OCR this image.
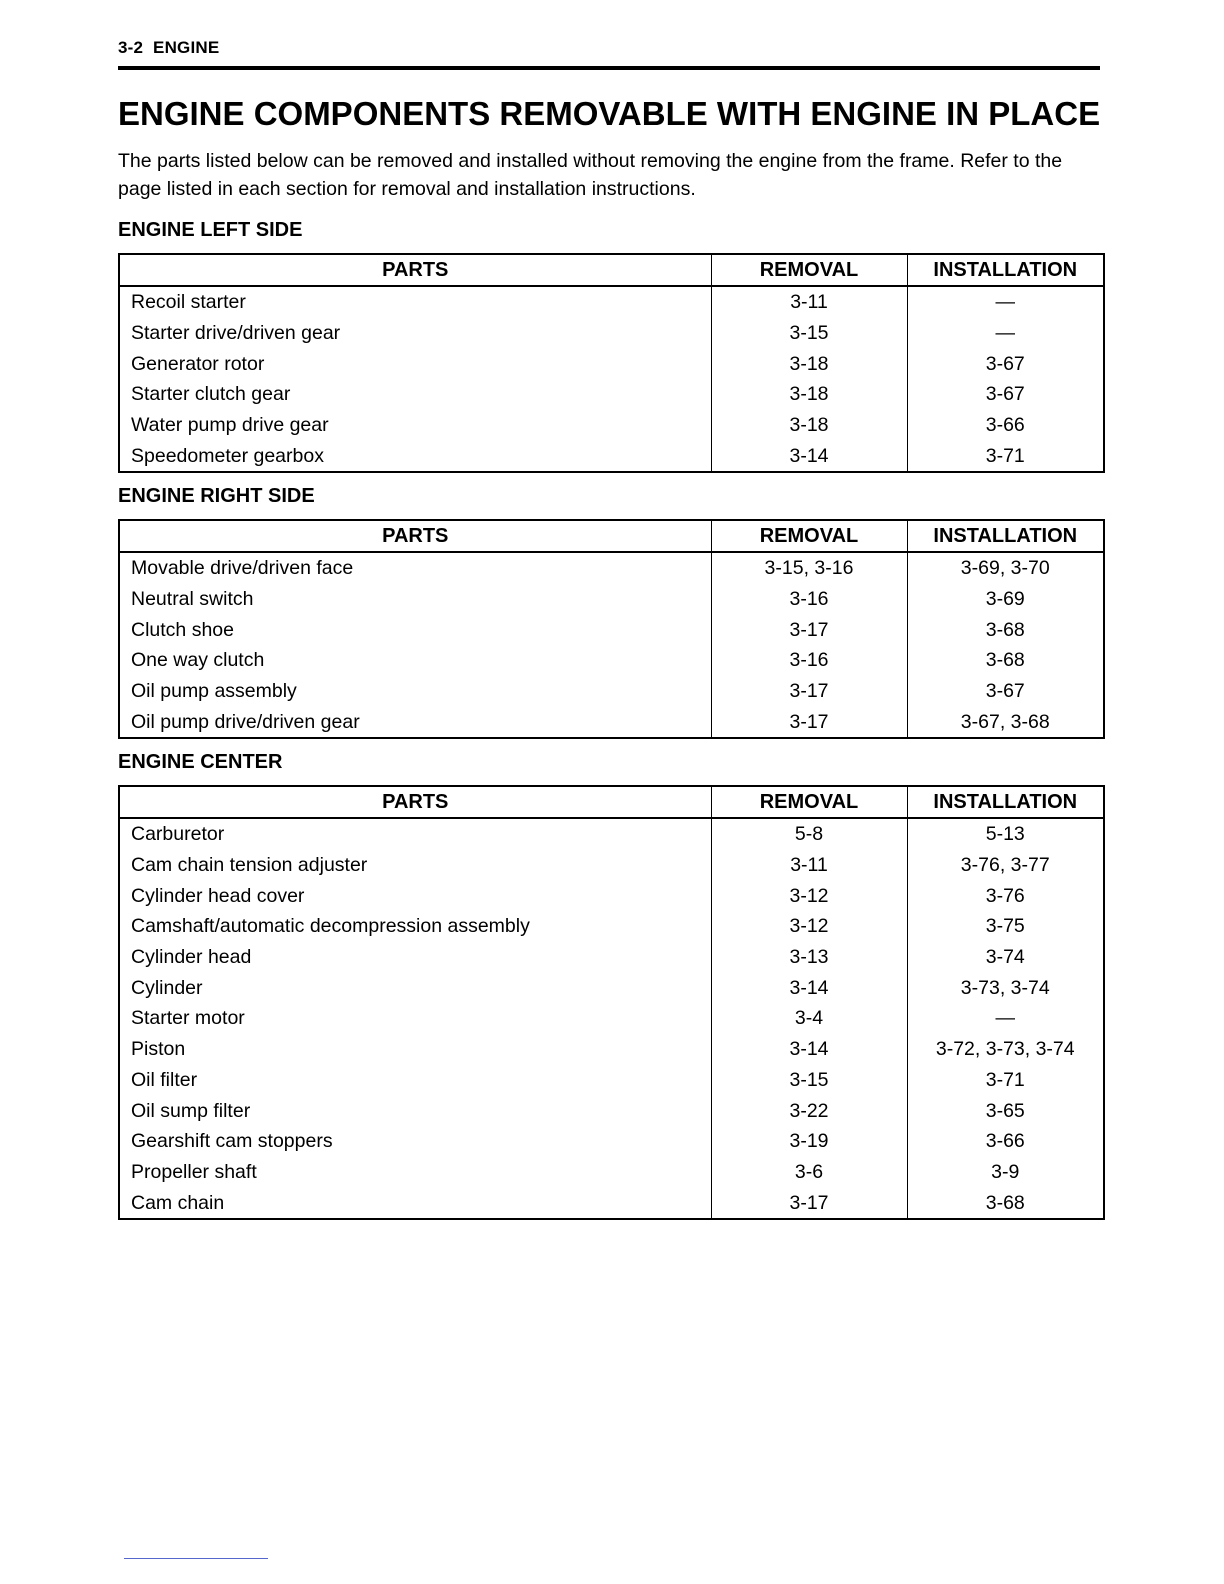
3-2 ENGINE
ENGINE COMPONENTS REMOVABLE WITH ENGINE IN PLACE

The parts listed below can be removed and installed without removing the engine from the frame. Refer to the page listed in each section for removal and installation instructions.

ENGINE LEFT SIDE
PARTS	REMOVAL	INSTALLATION
Recoil starter	3-11	—
Starter drive/driven gear	3-15	—
Generator rotor	3-18	3-67
Starter clutch gear	3-18	3-67
Water pump drive gear	3-18	3-66
Speedometer gearbox	3-14	3-71
ENGINE RIGHT SIDE
PARTS	REMOVAL	INSTALLATION
Movable drive/driven face	3-15, 3-16	3-69, 3-70
Neutral switch	3-16	3-69
Clutch shoe	3-17	3-68
One way clutch	3-16	3-68
Oil pump assembly	3-17	3-67
Oil pump drive/driven gear	3-17	3-67, 3-68
ENGINE CENTER
PARTS	REMOVAL	INSTALLATION
Carburetor	5-8	5-13
Cam chain tension adjuster	3-11	3-76, 3-77
Cylinder head cover	3-12	3-76
Camshaft/automatic decompression assembly	3-12	3-75
Cylinder head	3-13	3-74
Cylinder	3-14	3-73, 3-74
Starter motor	3-4	—
Piston	3-14	3-72, 3-73, 3-74
Oil filter	3-15	3-71
Oil sump filter	3-22	3-65
Gearshift cam stoppers	3-19	3-66
Propeller shaft	3-6	3-9
Cam chain	3-17	3-68
